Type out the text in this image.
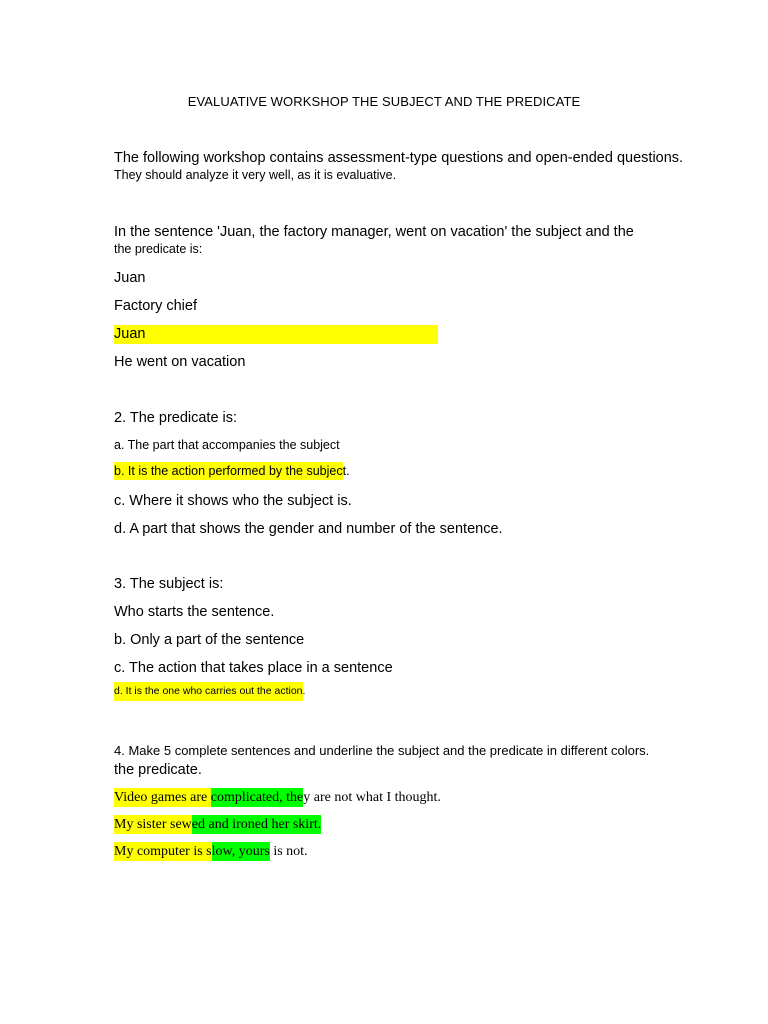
EVALUATIVE WORKSHOP THE SUBJECT AND THE PREDICATE
The following workshop contains assessment-type questions and open-ended questions.
They should analyze it very well, as it is evaluative.
In the sentence 'Juan, the factory manager, went on vacation' the subject and the
the predicate is:
Juan
Factory chief
Juan
He went on vacation
2. The predicate is:
a. The part that accompanies the subject
b. It is the action performed by the subject.
c. Where it shows who the subject is.
d. A part that shows the gender and number of the sentence.
3. The subject is:
Who starts the sentence.
b. Only a part of the sentence
c. The action that takes place in a sentence
d. It is the one who carries out the action.
4. Make 5 complete sentences and underline the subject and the predicate in different colors.
the predicate.
Video games are complicated, they are not what I thought.
My sister sewed and ironed her skirt.
My computer is slow, yours is not.
